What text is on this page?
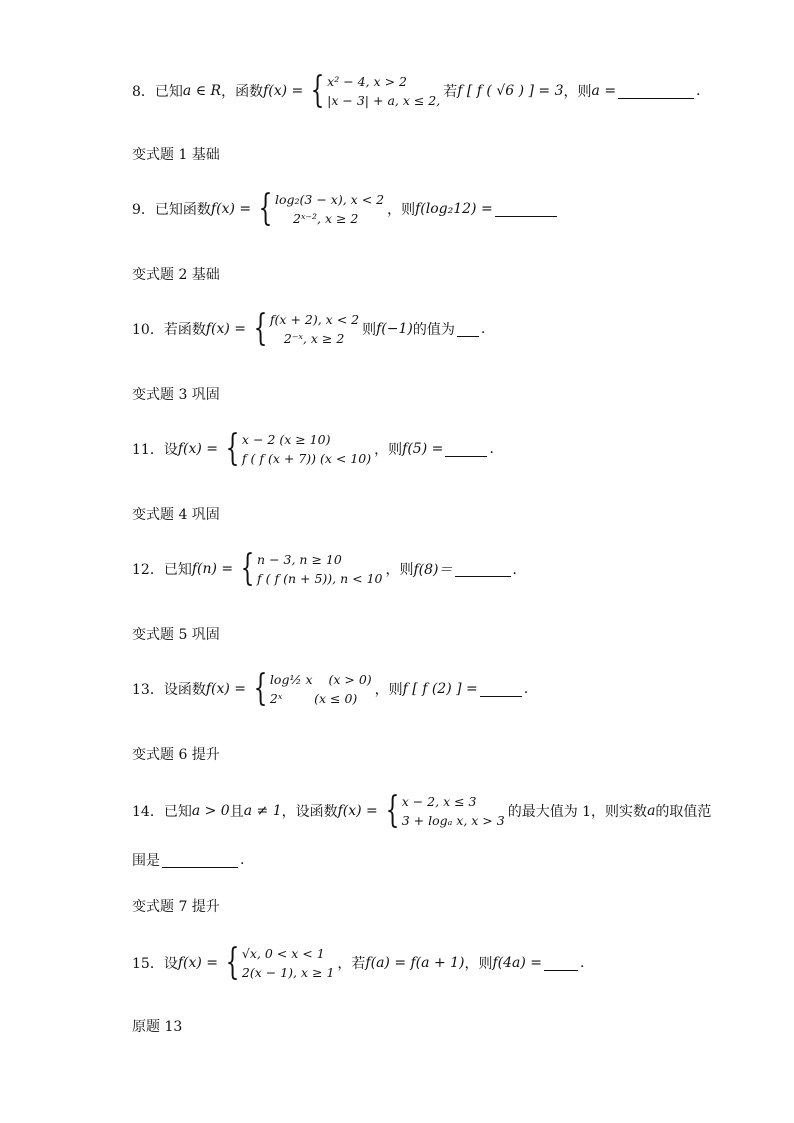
8． 已知 a ∈ R ，函数 f(x) = { x² − 4, x > 2
|x − 3| + a, x ≤ 2,
若 f [ f ( √6 ) ] = 3 ，则 a =	.
变式题 1 基础
9． 已知函数 f(x) = { log₂(3 − x), x < 2
2ˣ⁻², x ≥ 2
，则 f(log₂12) =
变式题 2 基础
10． 若函数 f(x) = { f(x + 2), x < 2
2⁻ˣ, x ≥ 2
则 f(−1) 的值为 .
变式题 3 巩固
11． 设 f(x) = { x − 2 (x ≥ 10)
f ( f (x + 7)) (x < 10)
，则 f(5) =	.
变式题 4 巩固
12． 已知 f(n) = { n − 3, n ≥ 10
f ( f (n + 5)), n < 10
，则 f(8)＝	．
变式题 5 巩固
13． 设函数 f(x) = { log½ x    (x > 0)
2ˣ        (x ≤ 0)
，则 f [ f (2) ] =	.
变式题 6 提升
14． 已知 a > 0 且 a ≠ 1 ，设函数 f(x) = { x − 2, x ≤ 3
3 + logₐ x, x > 3
的最大值为 1，则实数 a 的取值范
围是	.
变式题 7 提升
15． 设 f(x) = { √x, 0 < x < 1
2(x − 1), x ≥ 1
，若 f(a) = f(a + 1) ，则 f(4a) =	.
原题 13
